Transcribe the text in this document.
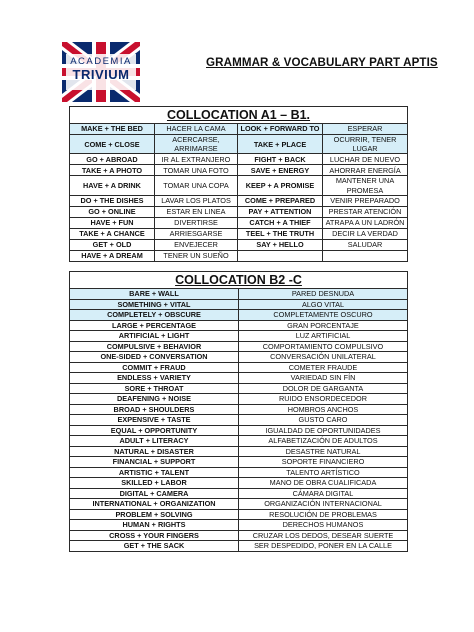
ACADEMIA
TRIVIUM
GRAMMAR & VOCABULARY PART APTIS
COLLOCATION A1 – B1.			
MAKE + THE BED	HACER LA CAMA	LOOK + FORWARD TO	ESPERAR
COME + CLOSE	ACERCARSE, ARRIMARSE	TAKE + PLACE	OCURRIR, TENER LUGAR
GO + ABROAD	IR AL EXTRANJERO	FIGHT + BACK	LUCHAR DE NUEVO
TAKE + A PHOTO	TOMAR UNA FOTO	SAVE + ENERGY	AHORRAR ENERGÍA
HAVE + A DRINK	TOMAR UNA COPA	KEEP + A PROMISE	MANTENER UNA PROMESA
DO + THE DISHES	LAVAR LOS PLATOS	COME + PREPARED	VENIR PREPARADO
GO + ONLINE	ESTAR EN LINEA	PAY + ATTENTION	PRESTAR ATENCIÓN
HAVE + FUN	DIVERTIRSE	CATCH + A THIEF	ATRAPA A UN LADRÓN
TAKE + A CHANCE	ARRIESGARSE	TEEL + THE TRUTH	DECIR LA VERDAD
GET + OLD	ENVEJECER	SAY + HELLO	SALUDAR
HAVE + A DREAM	TENER UN SUEÑO		
COLLOCATION B2 -C	
BARE + WALL	PARED DESNUDA
SOMETHING + VITAL	ALGO VITAL
COMPLETELY + OBSCURE	COMPLETAMENTE OSCURO
LARGE + PERCENTAGE	GRAN PORCENTAJE
ARTIFICIAL + LIGHT	LUZ ARTIFICIAL
COMPULSIVE + BEHAVIOR	COMPORTAMIENTO COMPULSIVO
ONE-SIDED + CONVERSATION	CONVERSACIÓN UNILATERAL
COMMIT + FRAUD	COMETER FRAUDE
ENDLESS + VARIETY	VARIEDAD SIN FÍN
SORE + THROAT	DOLOR DE GARGANTA
DEAFENING + NOISE	RUIDO ENSORDECEDOR
BROAD + SHOULDERS	HOMBROS ANCHOS
EXPENSIVE + TASTE	GUSTO CARO
EQUAL + OPPORTUNITY	IGUALDAD DE OPORTUNIDADES
ADULT + LITERACY	ALFABETIZACIÓN DE ADULTOS
NATURAL + DISASTER	DESASTRE NATURAL
FINANCIAL + SUPPORT	SOPORTE FINANCIERO
ARTISTIC + TALENT	TALENTO ARTÍSTICO
SKILLED + LABOR	MANO DE OBRA CUALIFICADA
DIGITAL + CAMERA	CÁMARA DIGITAL
INTERNATIONAL + ORGANIZATION	ORGANIZACIÓN INTERNACIONAL
PROBLEM + SOLVING	RESOLUCIÓN DE PROBLEMAS
HUMAN + RIGHTS	DERECHOS HUMANOS
CROSS + YOUR FINGERS	CRUZAR LOS DEDOS, DESEAR SUERTE
GET + THE SACK	SER DESPEDIDO, PONER EN LA CALLE
